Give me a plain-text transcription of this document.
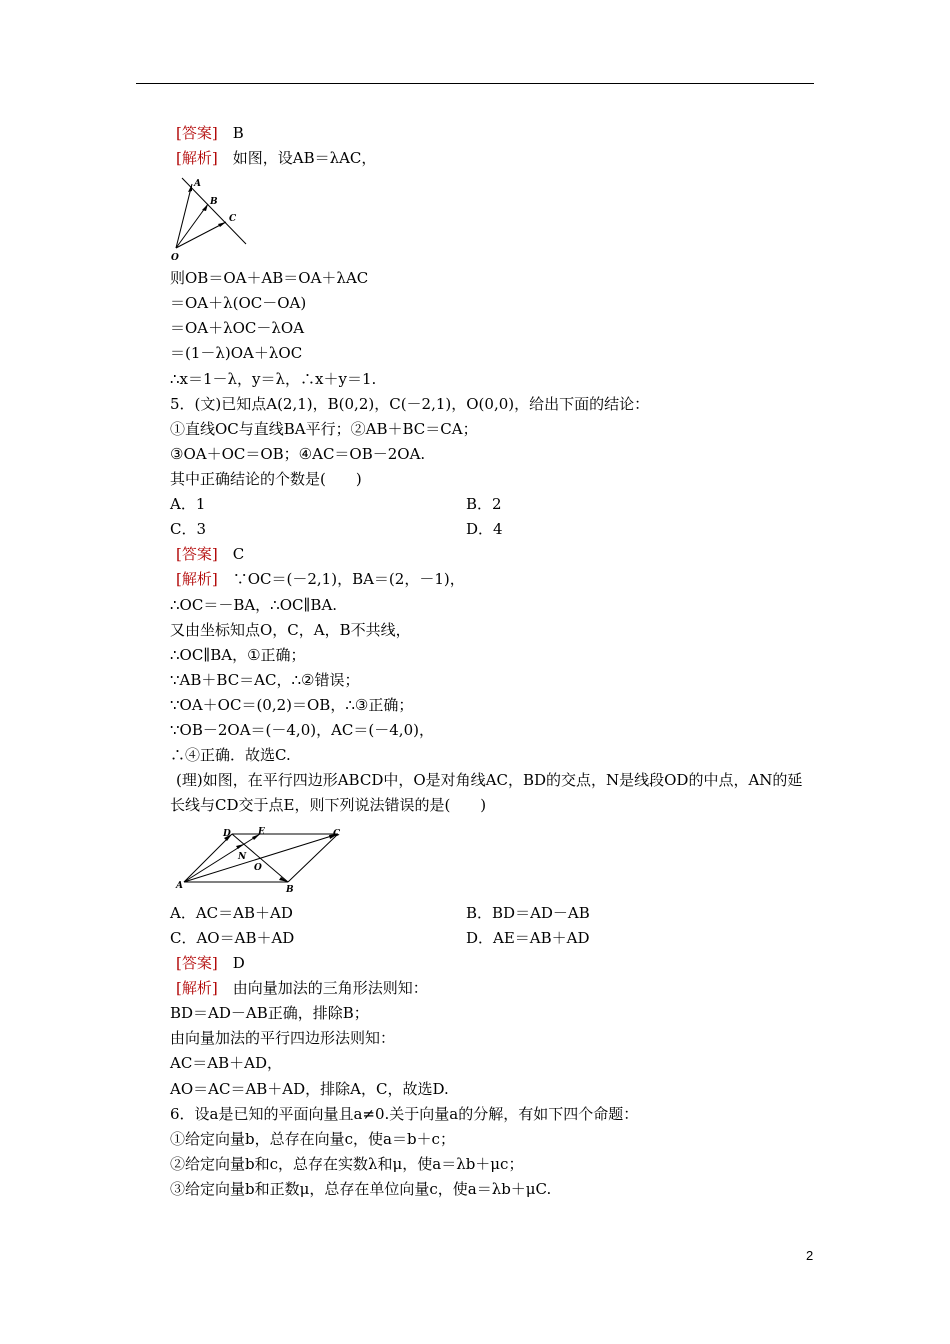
[答案]　 B
[解析]　 如图，设AB＝λAC，
A
B
C
O
则OB＝OA＋AB＝OA＋λAC
＝OA＋λ(OC－OA)
＝OA＋λOC－λOA
＝(1－λ)OA＋λOC
∴x＝1－λ，y＝λ，∴x＋y＝1.
5．(文)已知点A(2,1)，B(0,2)，C(－2,1)，O(0,0)，给出下面的结论：
①直线OC与直线BA平行；②AB＋BC＝CA；
③OA＋OC＝OB；④AC＝OB－2OA.
其中正确结论的个数是(　　)
A．1	B．2
C．3	D．4
[答案]　 C
[解析]　 ∵OC＝(－2,1)，BA＝(2，－1)，
∴OC＝－BA，∴OC∥BA.
又由坐标知点O，C，A，B不共线，
∴OC∥BA，①正确；
∵AB＋BC＝AC，∴②错误；
∵OA＋OC＝(0,2)＝OB，∴③正确；
∵OB－2OA＝(－4,0)，AC＝(－4,0)，
∴④正确．故选C.
(理)如图，在平行四边形ABCD中，O是对角线AC，BD的交点，N是线段OD的中点，AN的延长线与CD交于点E，则下列说法错误的是(　　)
A	B
C
D	E
N
O
A．AC＝AB＋AD	B．BD＝AD－AB
C．AO＝AB＋AD	D．AE＝AB＋AD
[答案]　 D
[解析]　 由向量加法的三角形法则知：
BD＝AD－AB正确，排除B；
由向量加法的平行四边形法则知：
AC＝AB＋AD，
AO＝AC＝AB＋AD，排除A，C，故选D.
6．设a是已知的平面向量且a≠0.关于向量a的分解，有如下四个命题：
①给定向量b，总存在向量c，使a＝b＋c；
②给定向量b和c，总存在实数λ和μ，使a＝λb＋μc；
③给定向量b和正数μ，总存在单位向量c，使a＝λb＋μC.
2
